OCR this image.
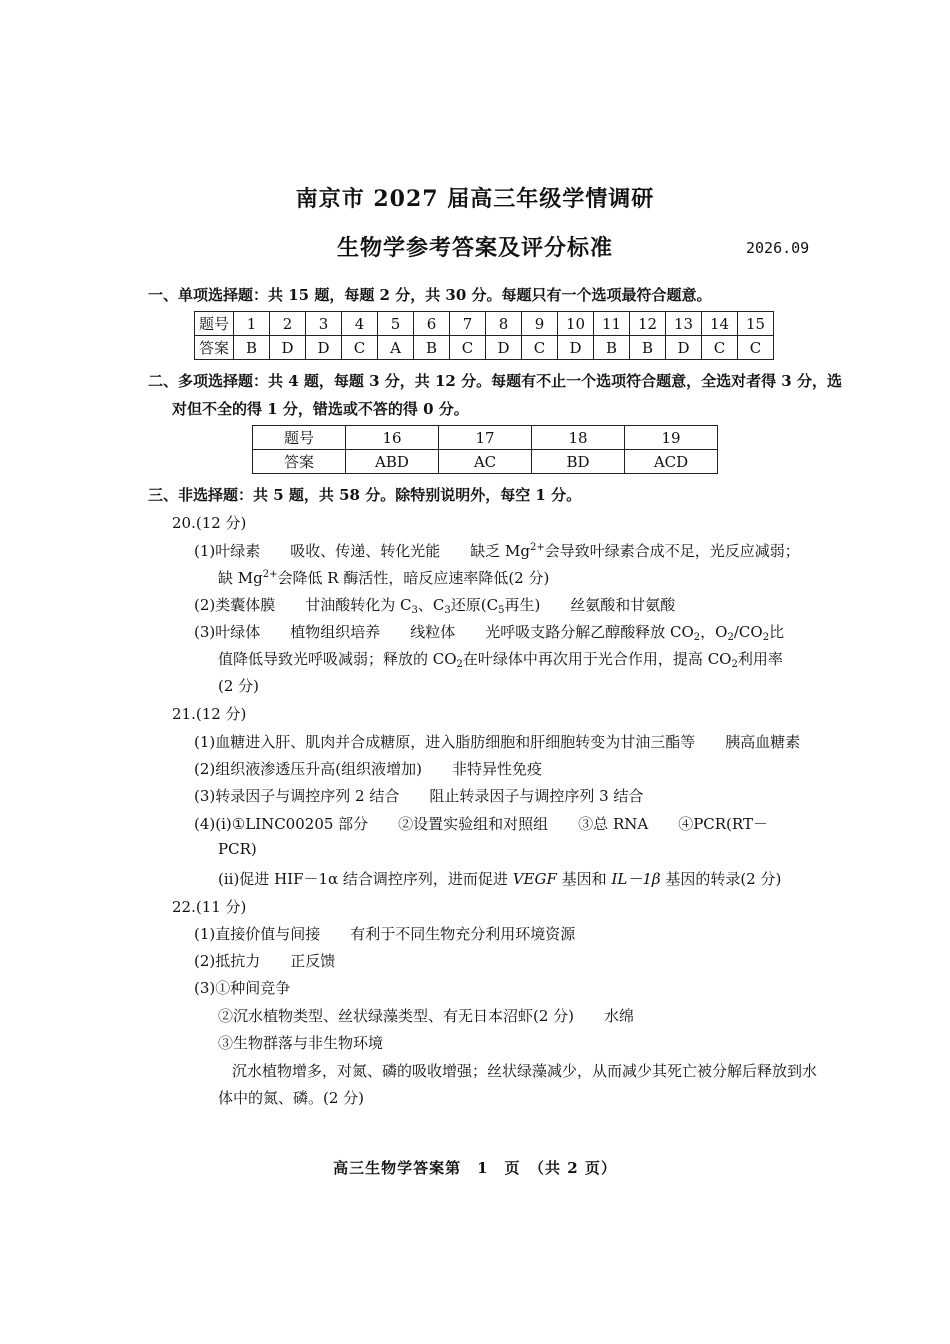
南京市 2027 届高三年级学情调研
生物学参考答案及评分标准	2026.09
一、单项选择题：共 15 题，每题 2 分，共 30 分。每题只有一个选项最符合题意。
题号	1	2	3	4	5	6	7	8	9	10	11	12	13	14	15
答案	B	D	D	C	A	B	C	D	C	D	B	B	D	C	C
二、多项选择题：共 4 题，每题 3 分，共 12 分。每题有不止一个选项符合题意，全选对者得 3 分，选
对但不全的得 1 分，错选或不答的得 0 分。
题号	16	17	18	19
答案	ABD	AC	BD	ACD
三、非选择题：共 5 题，共 58 分。除特别说明外，每空 1 分。
20.(12 分)
(1)叶绿素　　吸收、传递、转化光能　　缺乏 $Mg^{2+}$会导致叶绿素合成不足，光反应减弱；
缺 $Mg^{2+}$会降低 R 酶活性，暗反应速率降低(2 分)
(2)类囊体膜　　甘油酸转化为 $C_3$、$C_3$还原($C_5$再生)　　丝氨酸和甘氨酸
(3)叶绿体　　植物组织培养　　线粒体　　光呼吸支路分解乙醇酸释放 $CO_2$，$O_2/CO_2$比
值降低导致光呼吸减弱；释放的 $CO_2$在叶绿体中再次用于光合作用，提高 $CO_2$利用率
(2 分)
21.(12 分)
(1)血糖进入肝、肌肉并合成糖原，进入脂肪细胞和肝细胞转变为甘油三酯等　　胰高血糖素
(2)组织液渗透压升高(组织液增加)　　非特异性免疫
(3)转录因子与调控序列 2 结合　　阻止转录因子与调控序列 3 结合
(4)(i)①LINC00205 部分　　②设置实验组和对照组　　③总 RNA　　④PCR(RT－
PCR)
(ii)促进 HIF－1α 结合调控序列，进而促进 VEGF 基因和 IL－1β 基因的转录(2 分)
22.(11 分)
(1)直接价值与间接　　有利于不同生物充分利用环境资源
(2)抵抗力　　正反馈
(3)①种间竞争
②沉水植物类型、丝状绿藻类型、有无日本沼虾(2 分)　　水绵
③生物群落与非生物环境
沉水植物增多，对氮、磷的吸收增强；丝状绿藻减少，从而减少其死亡被分解后释放到水
体中的氮、磷。(2 分)
高三生物学答案第　1　页　（共 2 页）
